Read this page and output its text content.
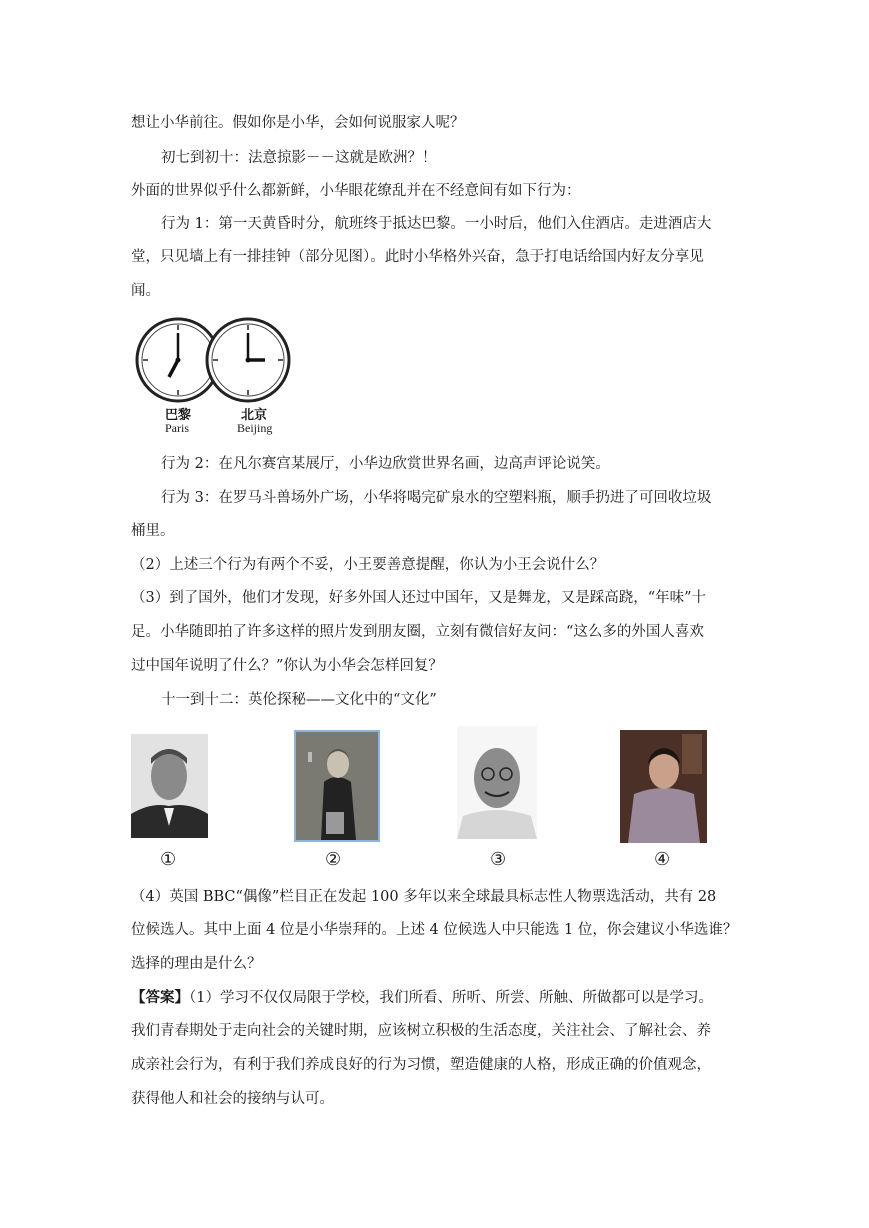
想让小华前往。假如你是小华，会如何说服家人呢？
初七到初十：法意掠影－－这就是欧洲？！
外面的世界似乎什么都新鲜，小华眼花缭乱并在不经意间有如下行为：
行为 1：第一天黄昏时分，航班终于抵达巴黎。一小时后，他们入住酒店。走进酒店大
堂，只见墙上有一排挂钟（部分见图）。此时小华格外兴奋，急于打电话给国内好友分享见
闻。
巴黎
Paris
北京
Beijing
行为 2：在凡尔赛宫某展厅，小华边欣赏世界名画，边高声评论说笑。
行为 3：在罗马斗兽场外广场，小华将喝完矿泉水的空塑料瓶，顺手扔进了可回收垃圾
桶里。
（2）上述三个行为有两个不妥，小王要善意提醒，你认为小王会说什么？
（3）到了国外，他们才发现，好多外国人还过中国年，又是舞龙，又是踩高跷，“年味”十
足。小华随即拍了许多这样的照片发到朋友圈，立刻有微信好友问：“这么多的外国人喜欢
过中国年说明了什么？”你认为小华会怎样回复？
十一到十二：英伦探秘——文化中的“文化”
①	②	③	④
（4）英国 BBC“偶像”栏目正在发起 100 多年以来全球最具标志性人物票选活动，共有 28
位候选人。其中上面 4 位是小华崇拜的。上述 4 位候选人中只能选 1 位，你会建议小华选谁？
选择的理由是什么？
【答案】（1）学习不仅仅局限于学校，我们所看、所听、所尝、所触、所做都可以是学习。
我们青春期处于走向社会的关键时期，应该树立积极的生活态度，关注社会、了解社会、养
成亲社会行为，有利于我们养成良好的行为习惯，塑造健康的人格，形成正确的价值观念，
获得他人和社会的接纳与认可。
